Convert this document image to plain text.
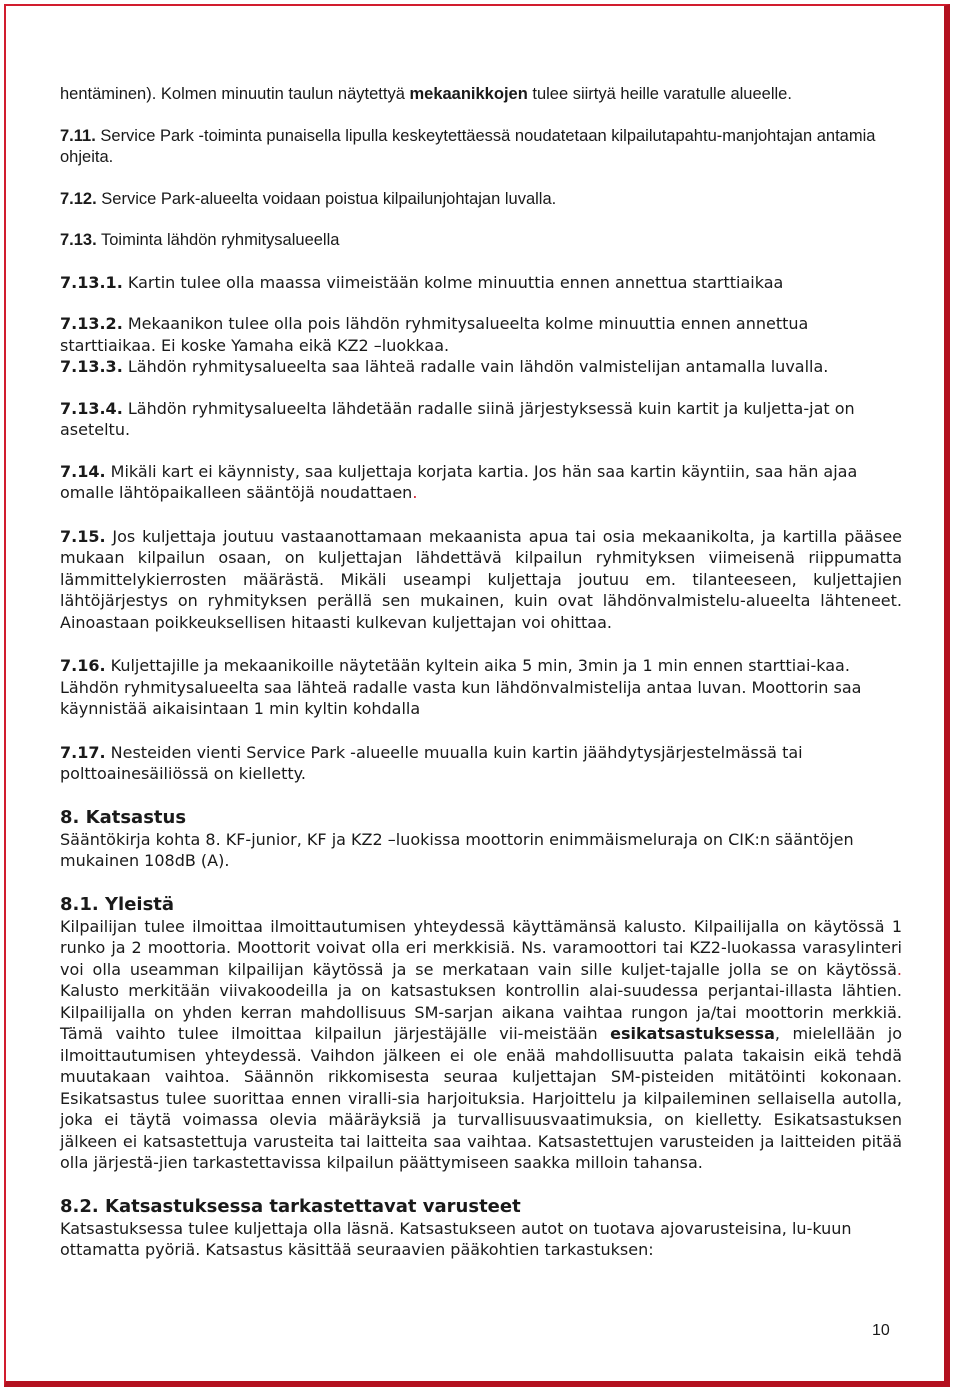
hentäminen). Kolmen minuutin taulun näytettyä mekaanikkojen tulee siirtyä heille varatulle alueelle.

7.11. Service Park -toiminta punaisella lipulla keskeytettäessä noudatetaan kilpailutapahtu-manjohtajan antamia ohjeita.

7.12. Service Park-alueelta voidaan poistua kilpailunjohtajan luvalla.

7.13. Toiminta lähdön ryhmitysalueella

7.13.1. Kartin tulee olla maassa viimeistään kolme minuuttia ennen annettua starttiaikaa

7.13.2. Mekaanikon tulee olla pois lähdön ryhmitysalueelta kolme minuuttia ennen annettua starttiaikaa. Ei koske Yamaha eikä KZ2 –luokkaa.

7.13.3. Lähdön ryhmitysalueelta saa lähteä radalle vain lähdön valmistelijan antamalla luvalla.

7.13.4. Lähdön ryhmitysalueelta lähdetään radalle siinä järjestyksessä kuin kartit ja kuljetta-jat on aseteltu.

7.14. Mikäli kart ei käynnisty, saa kuljettaja korjata kartia. Jos hän saa kartin käyntiin, saa hän ajaa omalle lähtöpaikalleen sääntöjä noudattaen.

7.15. Jos kuljettaja joutuu vastaanottamaan mekaanista apua tai osia mekaanikolta, ja kartilla pääsee mukaan kilpailun osaan, on kuljettajan lähdettävä kilpailun ryhmityksen viimeisenä riippumatta lämmittelykierrosten määrästä. Mikäli useampi kuljettaja joutuu em. tilanteeseen, kuljettajien lähtöjärjestys on ryhmityksen perällä sen mukainen, kuin ovat lähdönvalmistelu-alueelta lähteneet. Ainoastaan poikkeuksellisen hitaasti kulkevan kuljettajan voi ohittaa.

7.16. Kuljettajille ja mekaanikoille näytetään kyltein aika 5 min, 3min ja 1 min ennen starttiai-kaa. Lähdön ryhmitysalueelta saa lähteä radalle vasta kun lähdönvalmistelija antaa luvan. Moottorin saa käynnistää aikaisintaan 1 min kyltin kohdalla

7.17. Nesteiden vienti Service Park -alueelle muualla kuin kartin jäähdytysjärjestelmässä tai polttoainesäiliössä on kielletty.

8. Katsastus

Sääntökirja kohta 8. KF-junior, KF ja KZ2 –luokissa moottorin enimmäismeluraja on CIK:n sääntöjen mukainen 108dB (A).

8.1. Yleistä

Kilpailijan tulee ilmoittaa ilmoittautumisen yhteydessä käyttämänsä kalusto. Kilpailijalla on käytössä 1 runko ja 2 moottoria. Moottorit voivat olla eri merkkisiä. Ns. varamoottori tai KZ2-luokassa varasylinteri voi olla useamman kilpailijan käytössä ja se merkataan vain sille kuljet-tajalle jolla se on käytössä. Kalusto merkitään viivakoodeilla ja on katsastuksen kontrollin alai-suudessa perjantai-illasta lähtien. Kilpailijalla on yhden kerran mahdollisuus SM-sarjan aikana vaihtaa rungon ja/tai moottorin merkkiä. Tämä vaihto tulee ilmoittaa kilpailun järjestäjälle vii-meistään esikatsastuksessa, mielellään jo ilmoittautumisen yhteydessä. Vaihdon jälkeen ei ole enää mahdollisuutta palata takaisin eikä tehdä muutakaan vaihtoa. Säännön rikkomisesta seuraa kuljettajan SM-pisteiden mitätöinti kokonaan. Esikatsastus tulee suorittaa ennen viralli-sia harjoituksia. Harjoittelu ja kilpaileminen sellaisella autolla, joka ei täytä voimassa olevia määräyksiä ja turvallisuusvaatimuksia, on kielletty. Esikatsastuksen jälkeen ei katsastettuja varusteita tai laitteita saa vaihtaa. Katsastettujen varusteiden ja laitteiden pitää olla järjestä-jien tarkastettavissa kilpailun päättymiseen saakka milloin tahansa.

8.2. Katsastuksessa tarkastettavat varusteet

Katsastuksessa tulee kuljettaja olla läsnä. Katsastukseen autot on tuotava ajovarusteisina, lu-kuun ottamatta pyöriä. Katsastus käsittää seuraavien pääkohtien tarkastuksen:

10
